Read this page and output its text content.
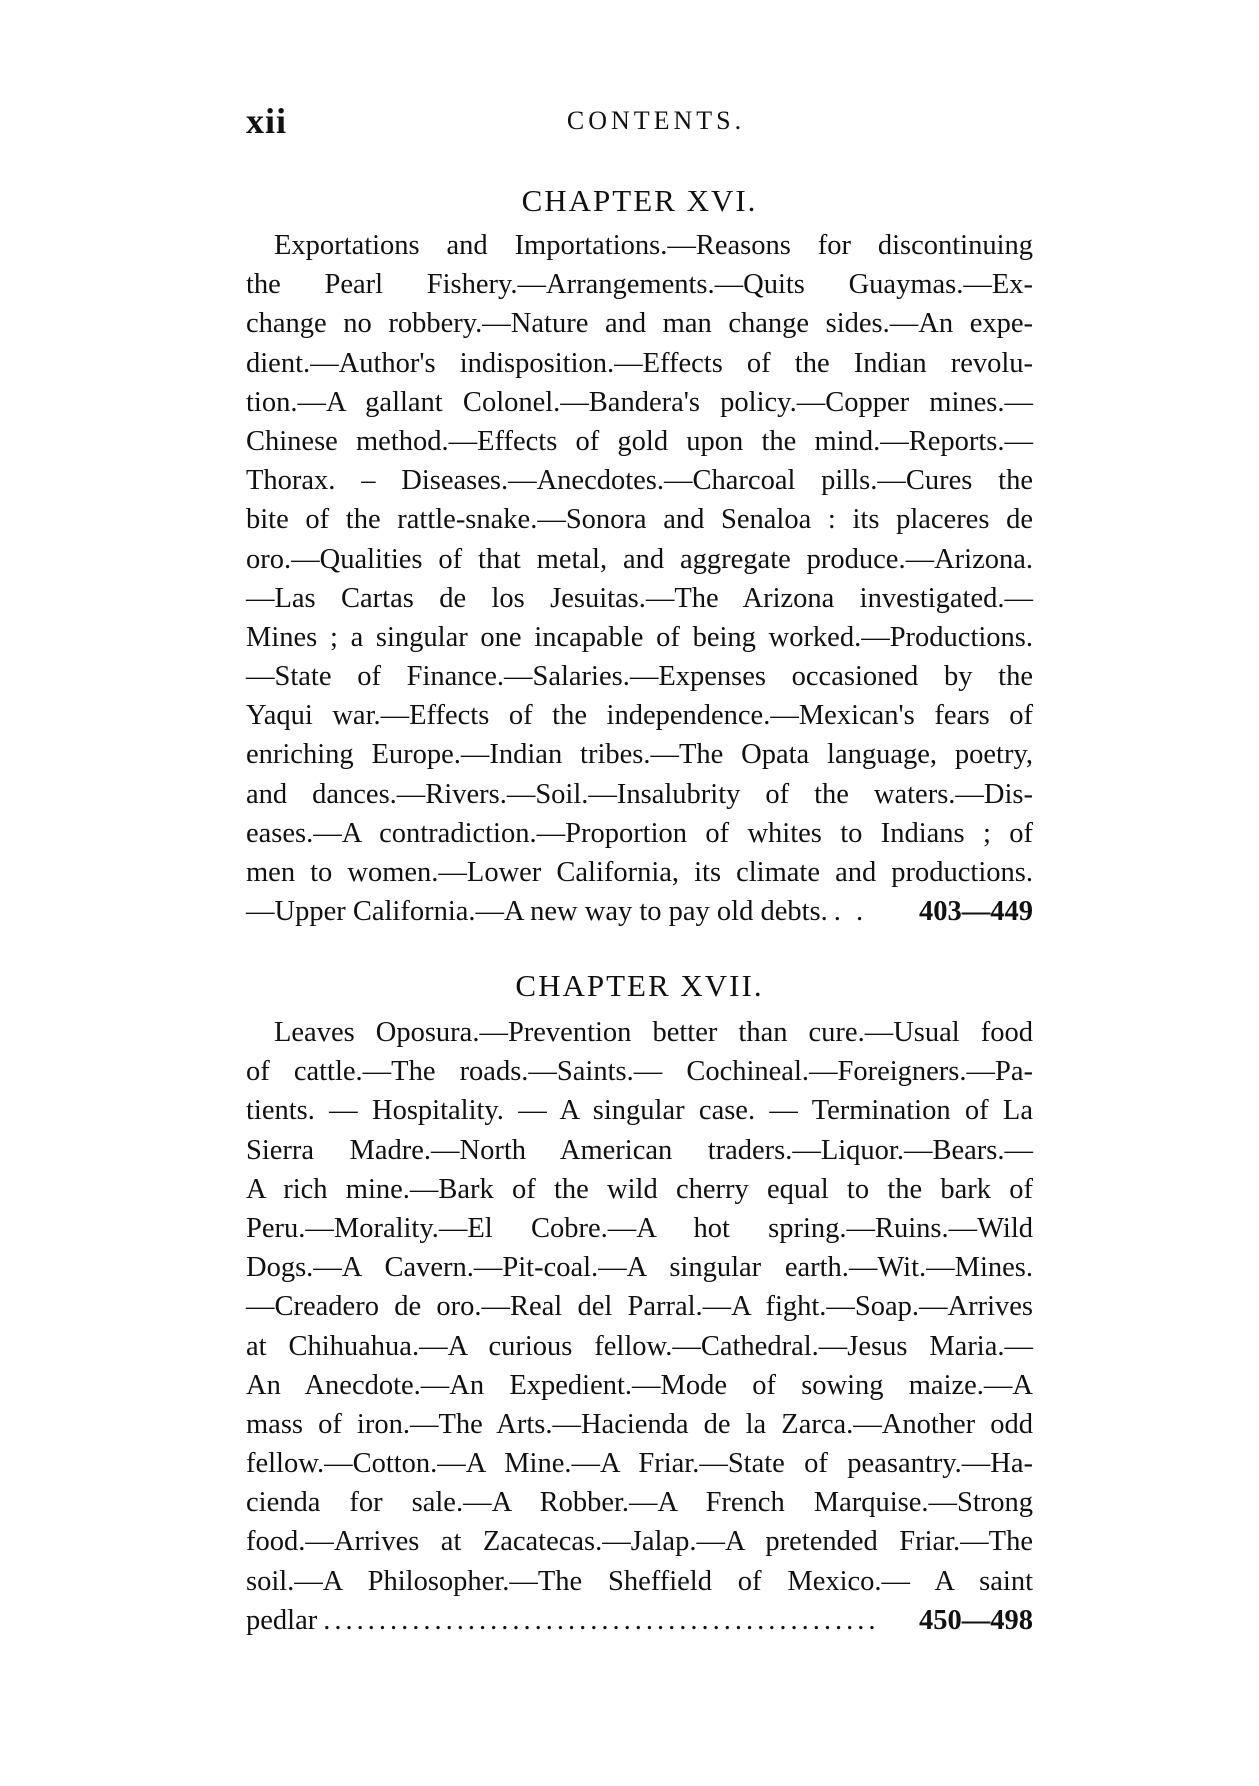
xii	CONTENTS.
CHAPTER XVI.
Exportations and Importations.—Reasons for discontinuing
the Pearl Fishery.—Arrangements.—Quits Guaymas.—Ex-
change no robbery.—Nature and man change sides.—An expe-
dient.—Author's indisposition.—Effects of the Indian revolu-
tion.—A gallant Colonel.—Bandera's policy.—Copper mines.—
Chinese method.—Effects of gold upon the mind.—Reports.—
Thorax. – Diseases.—Anecdotes.—Charcoal pills.—Cures the
bite of the rattle-snake.—Sonora and Senaloa : its placeres de
oro.—Qualities of that metal, and aggregate produce.—Arizona.
—Las Cartas de los Jesuitas.—The Arizona investigated.—
Mines ; a singular one incapable of being worked.—Productions.
—State of Finance.—Salaries.—Expenses occasioned by the
Yaqui war.—Effects of the independence.—Mexican's fears of
enriching Europe.—Indian tribes.—The Opata language, poetry,
and dances.—Rivers.—Soil.—Insalubrity of the waters.—Dis-
eases.—A contradiction.—Proportion of whites to Indians ; of
men to women.—Lower California, its climate and productions.
—Upper California.—A new way to pay old debts. . .	403—449
CHAPTER XVII.
Leaves Oposura.—Prevention better than cure.—Usual food
of cattle.—The roads.—Saints.— Cochineal.—Foreigners.—Pa-
tients. — Hospitality. — A singular case. — Termination of La
Sierra Madre.—North American traders.—Liquor.—Bears.—
A rich mine.—Bark of the wild cherry equal to the bark of
Peru.—Morality.—El Cobre.—A hot spring.—Ruins.—Wild
Dogs.—A Cavern.—Pit-coal.—A singular earth.—Wit.—Mines.
—Creadero de oro.—Real del Parral.—A fight.—Soap.—Arrives
at Chihuahua.—A curious fellow.—Cathedral.—Jesus Maria.—
An Anecdote.—An Expedient.—Mode of sowing maize.—A
mass of iron.—The Arts.—Hacienda de la Zarca.—Another odd
fellow.—Cotton.—A Mine.—A Friar.—State of peasantry.—Ha-
cienda for sale.—A Robber.—A French Marquise.—Strong
food.—Arrives at Zacatecas.—Jalap.—A pretended Friar.—The
soil.—A Philosopher.—The Sheffield of Mexico.— A saint
pedlar ..................................................	450—498
